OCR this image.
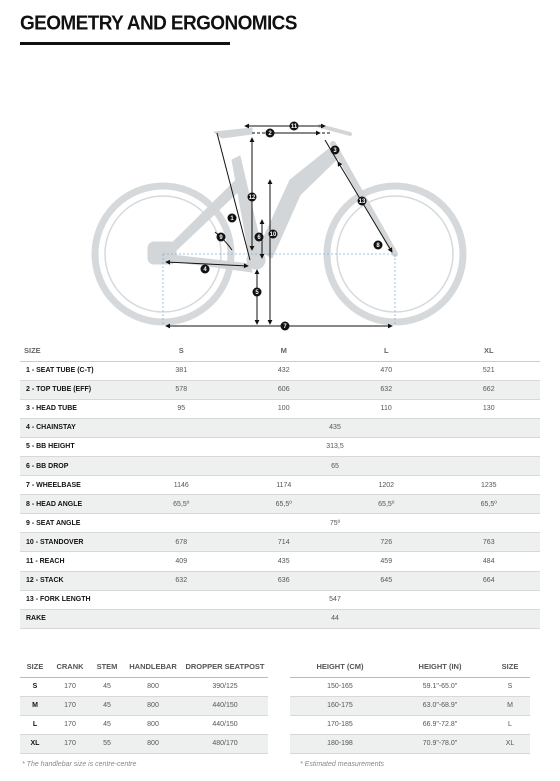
GEOMETRY AND ERGONOMICS
1
2
3
4
5
6
7
8
9	10
11
12
13
SIZE	S	M	L	XL
1 - SEAT TUBE (C-T)	381	432	470	521
2 - TOP TUBE (EFF)	578	606	632	662
3 - HEAD TUBE	95	100	110	130
4 - CHAINSTAY	435			
5 - BB HEIGHT	313,5			
6 - BB DROP	65			
7 - WHEELBASE	1146	1174	1202	1235
8 - HEAD ANGLE	65,5º	65,5º	65,5º	65,5º
9 - SEAT ANGLE	75º			
10 - STANDOVER	678	714	726	763
11 - REACH	409	435	459	484
12 - STACK	632	636	645	664
13 - FORK LENGTH	547			
RAKE	44			
SIZE	CRANK	STEM	HANDLEBAR	DROPPER SEATPOST
S	170	45	800	390/125
M	170	45	800	440/150
L	170	45	800	440/150
XL	170	55	800	480/170
HEIGHT (CM)	HEIGHT (IN)	SIZE
150-165	59.1"-65.0"	S
160-175	63.0"-68.9"	M
170-185	66.9"-72.8"	L
180-198	70.9"-78.0"	XL
* The handlebar size is centre-centre	* Estimated measurements
